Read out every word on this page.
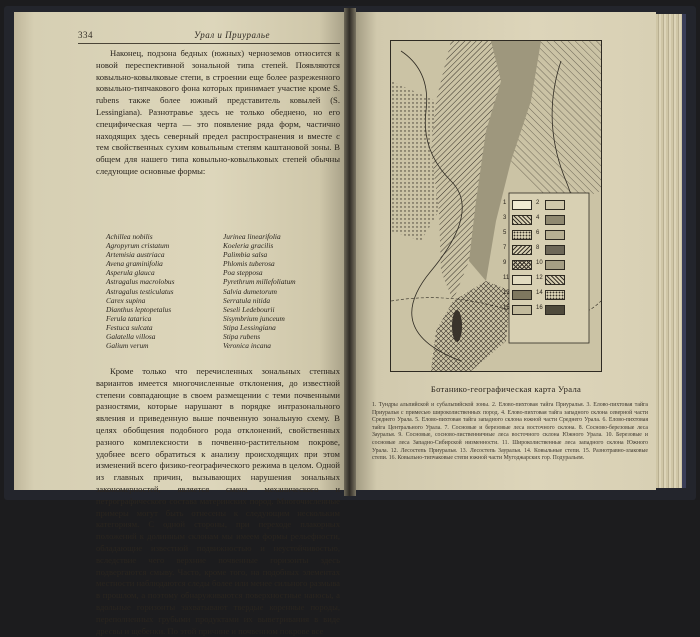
334	Урал и Приуралье

Наконец, подзона бедных (южных) черноземов относится к новой переспективной зональной типа степей. Появляются ковыльно-ковылковые степи, в строении еще более разреженного ковыльно-типчакового фона которых принимает участие кроме S. rubens также более южный представитель ковылей (S. Lessingiana). Разнотравье здесь не только обеднено, но его специфическая черта — это появление ряда форм, частично находящих здесь северный предел распространения и вместе с тем свойственных сухим ковыльным степям каштановой зоны. В общем для нашего типа ковыльно-ковыльковых степей обычны следующие основные формы:

Achillea nobilis
Agropyrum cristatum
Artemisia austriaca
Avena graminifolia
Asperula glauca
Astragalus macrolobus
Astragalus testiculatus
Carex supina
Dianthus leptopetalus
Ferula tatarica
Festuca sulcata
Galatella villosa
Galium verum
Jurinea linearifolia
Koeleria gracilis
Palimbia salsa
Phlomis tuberosa
Poa stepposa
Pyrethrum millefoliatum
Salvia dumetorum
Serratula nitida
Seseli Ledebourii
Sisymbrium junceum
Stipa Lessingiana
Stipa rubens
Veronica incana

Кроме только что перечисленных зональных степных вариантов имеется многочисленные отклонения, до известной степени совпадающие в своем размещении с теми почвенными разностями, которые нарушают в порядке интразонального явления и приведенную выше почвенную зональную схему. В целях обобщения подобного рода отклонений, свойственных разного комплексности в почвенно-растительном покрове, удобнее всего обратиться к анализу происходящих при этом изменений всего физико-географического режима в целом. Одной из главных причин, вызывающих нарушения зональных закономерностей, является смена механического и петрографического состава материнских пород. Многочисленные примеры могут быть отнесены к следующим нескольким категориям. С одной стороны, при переходе плакорных положений к долинным склонам мы имеем формы рельефности, обладающие известной подвижностью и неустойчивостью, вследствие чего верхние почвенные горизонты здесь подвергаются смыву. Часто, кроме того, на подобных элементах местности наблюдаются следы более или менее сильного размыва в прошлом, а поэтому обнаруживаются поверхностные наносы, а вдольные горизонты захватывают твердые коренные породы, переполненных грубыми продуктами их выветривания в виде дресвы и щебенки. По этой причине и почвенном покрове все

1	2
3	4
5	6
7	8
9	10
11	12
13	14
15	16
Ботанико-географическая карта Урала
1. Тундры альпийской и субальпийской зоны. 2. Елово-пихтовая тайга Приуралья. 3. Елово-пихтовая тайга Приуралья с примесью широколиственных пород. 4. Елово-пихтовая тайга западного склона северной части Среднего Урала. 5. Елово-пихтовая тайга западного склона южной части Среднего Урала. 6. Елово-пихтовая тайга Центрального Урала. 7. Сосновые и березовые леса восточного склона. 8. Сосново-березовые леса Зауралья. 9. Сосновые, сосново-лиственничные леса восточного склона Южного Урала. 10. Березовые и сосновые леса Западно-Сибирской низменности. 11. Широколиственные леса западного склона Южного Урала. 12. Лесостепь Приуралья. 13. Лесостепь Зауралья. 14. Ковыльные степи. 15. Разнотравно-злаковые степи. 16. Ковыльно-типчаковые степи южной части Мугоджарских гор. Подуральем.
